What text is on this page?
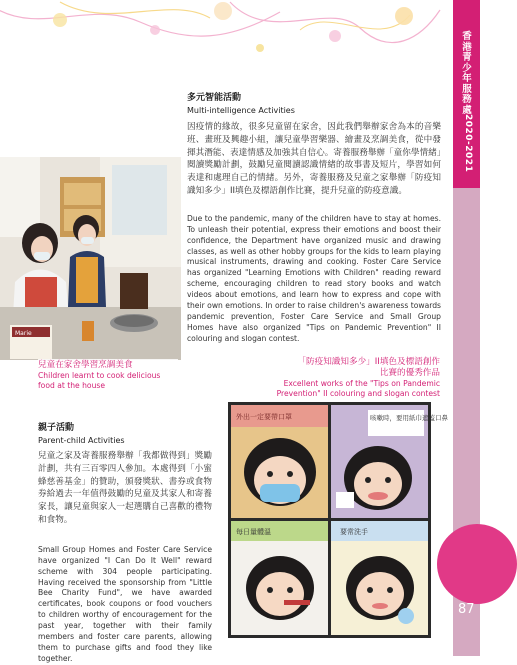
香
港
青
少
年
服
務
處
2020-2021
87
多元智能活動
Multi-intelligence Activities
因疫情的緣故，很多兒童留在家舍，因此我們舉辦家舍為本的音樂班、畫班及興趣小組，讓兒童學習樂器、繪畫及烹調美食，從中發揮其潛能、表達情感及加強其自信心。寄養服務舉辦「童你學情緒」閱讀獎勵計劃，鼓勵兒童閱讀認識情緒的故事書及短片，學習如何表達和處理自己的情緒。另外，寄養服務及兒童之家舉辦「防疫知識知多少」II填色及標語創作比賽，提升兒童的防疫意識。
Due to the pandemic, many of the children have to stay at homes. To unleash their potential, express their emotions and boost their confidence, the Department have organized music and drawing classes, as well as other hobby groups for the kids to learn playing musical instruments, drawing and cooking. Foster Care Service has organized "Learning Emotions with Children" reading reward scheme, encouraging children to read story books and watch videos about emotions, and learn how to express and cope with their own emotions. In order to raise children's awareness towards pandemic prevention, Foster Care Service and Small Group Homes have also organized "Tips on Pandemic Prevention" II colouring and slogan contest.
Marie
兒童在家舍學習烹調美食
Children learnt to cook delicious food at the house
「防疫知識知多少」II填色及標語創作
比賽的優秀作品
Excellent works of the "Tips on Pandemic
Prevention" II colouring and slogan contest
親子活動
Parent-child Activities
兒童之家及寄養服務舉辦「我都做得到」獎勵計劃，共有三百零四人參加。本處得到「小蜜蜂慈善基金」的贊助，頒發獎狀、書券或食物券給過去一年值得鼓勵的兒童及其家人和寄養家長，讓兒童與家人一起選購自己喜歡的禮物和食物。
Small Group Homes and Foster Care Service have organized "I Can Do It Well" reward scheme with 304 people participating. Having received the sponsorship from "Little Bee Charity Fund", we have awarded certificates, book coupons or food vouchers to children worthy of encouragement for the past year, together with their family members and foster care parents, allowing them to purchase gifts and food they like together.
外出一定要帶口罩	咳嗽時，要用紙巾遮蓋口鼻
每日量體溫	要常洗手
